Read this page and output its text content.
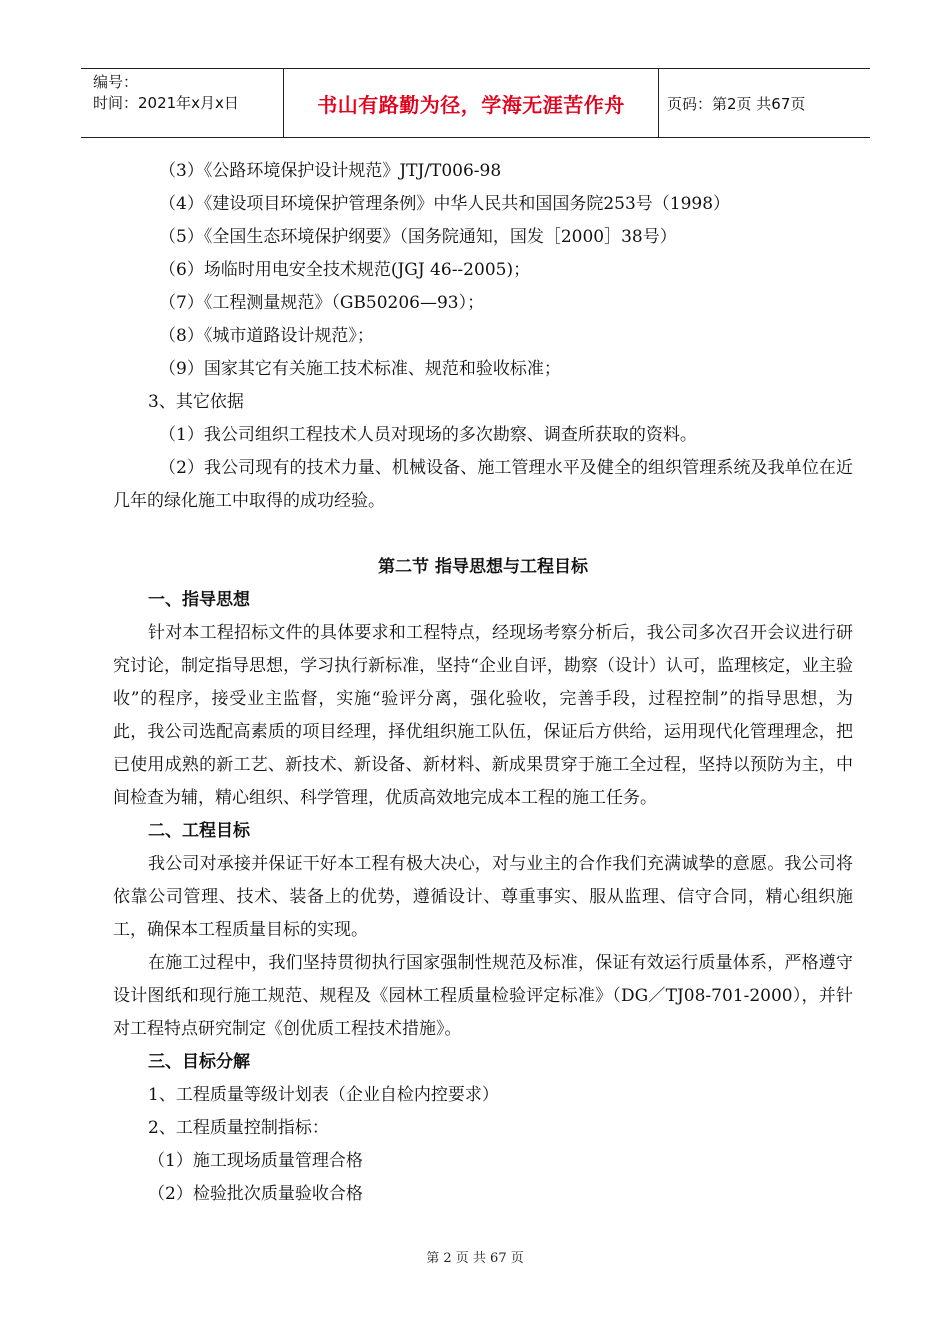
编号：
时间：2021年x月x日	书山有路勤为径，学海无涯苦作舟	页码：第2页 共67页

（3）《公路环境保护设计规范》JTJ/T006-98

（4）《建设项目环境保护管理条例》中华人民共和国国务院253号（1998）

（5）《全国生态环境保护纲要》（国务院通知，国发［2000］38号）

（6）场临时用电安全技术规范(JGJ 46--2005)；

（7）《工程测量规范》（GB50206—93）；

（8）《城市道路设计规范》；

（9）国家其它有关施工技术标准、规范和验收标准；

3、其它依据

（1）我公司组织工程技术人员对现场的多次勘察、调查所获取的资料。

（2）我公司现有的技术力量、机械设备、施工管理水平及健全的组织管理系统及我单位在近几年的绿化施工中取得的成功经验。

第二节 指导思想与工程目标
一、指导思想

针对本工程招标文件的具体要求和工程特点，经现场考察分析后，我公司多次召开会议进行研究讨论，制定指导思想，学习执行新标准，坚持“企业自评，勘察（设计）认可，监理核定，业主验收”的程序，接受业主监督，实施“验评分离，强化验收，完善手段，过程控制”的指导思想，为此，我公司选配高素质的项目经理，择优组织施工队伍，保证后方供给，运用现代化管理理念，把已使用成熟的新工艺、新技术、新设备、新材料、新成果贯穿于施工全过程，坚持以预防为主，中间检查为辅，精心组织、科学管理，优质高效地完成本工程的施工任务。

二、工程目标

我公司对承接并保证干好本工程有极大决心，对与业主的合作我们充满诚挚的意愿。我公司将依靠公司管理、技术、装备上的优势，遵循设计、尊重事实、服从监理、信守合同，精心组织施工，确保本工程质量目标的实现。

在施工过程中，我们坚持贯彻执行国家强制性规范及标准，保证有效运行质量体系，严格遵守设计图纸和现行施工规范、规程及《园林工程质量检验评定标准》（DG／TJ08-701-2000），并针对工程特点研究制定《创优质工程技术措施》。

三、目标分解

1、工程质量等级计划表（企业自检内控要求）

2、工程质量控制指标：

（1）施工现场质量管理合格

（2）检验批次质量验收合格

第 2 页 共 67 页
